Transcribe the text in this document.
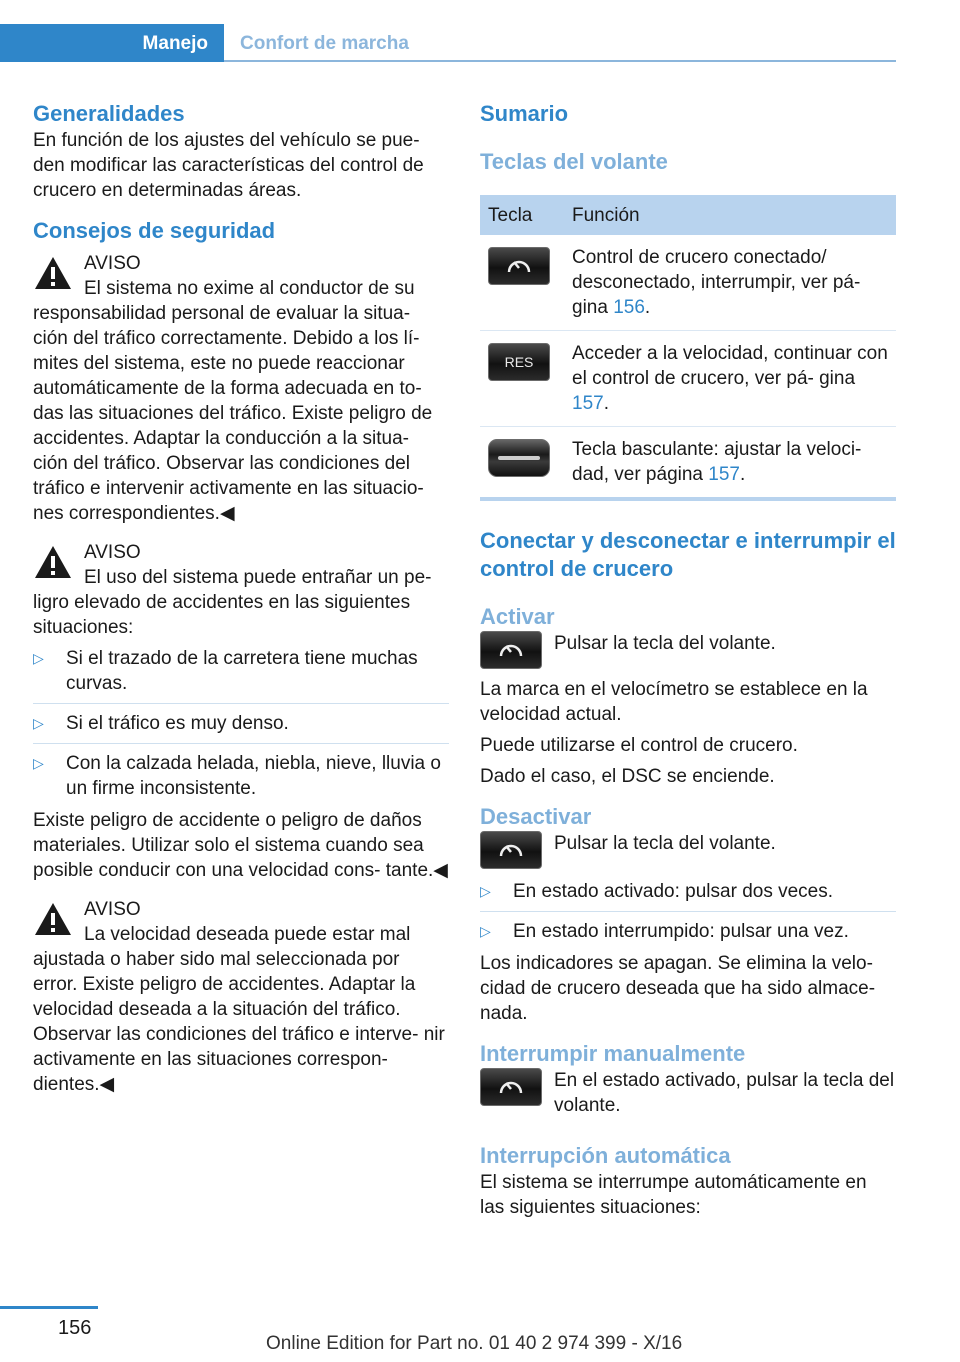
Manejo	Confort de marcha
Generalidades

En función de los ajustes del vehículo se pue- den modificar las características del control de crucero en determinadas áreas.

Consejos de seguridad

AVISO

El sistema no exime al conductor de su responsabilidad personal de evaluar la situa- ción del tráfico correctamente. Debido a los lí- mites del sistema, este no puede reaccionar automáticamente de la forma adecuada en to- das las situaciones del tráfico. Existe peligro de accidentes. Adaptar la conducción a la situa- ción del tráfico. Observar las condiciones del tráfico e intervenir activamente en las situacio- nes correspondientes.◀

AVISO

El uso del sistema puede entrañar un pe- ligro elevado de accidentes en las siguientes situaciones:

▷ Si el trazado de la carretera tiene muchas curvas.
▷ Si el tráfico es muy denso.
▷ Con la calzada helada, niebla, nieve, lluvia o un firme inconsistente.

Existe peligro de accidente o peligro de daños materiales. Utilizar solo el sistema cuando sea posible conducir con una velocidad cons- tante.◀

AVISO

La velocidad deseada puede estar mal ajustada o haber sido mal seleccionada por error. Existe peligro de accidentes. Adaptar la velocidad deseada a la situación del tráfico. Observar las condiciones del tráfico e interve- nir activamente en las situaciones correspon- dientes.◀

Sumario
Teclas del volante
Tecla	Función

	Control de crucero conectado/ desconectado, interrumpir, ver pá- gina 156.

RES	Acceder a la velocidad, continuar con el control de crucero, ver pá- gina 157.

	Tecla basculante: ajustar la veloci- dad, ver página 157.
Conectar y desconectar e interrumpir el control de crucero
Activar
Pulsar la tecla del volante.

La marca en el velocímetro se establece en la velocidad actual.

Puede utilizarse el control de crucero.

Dado el caso, el DSC se enciende.

Desactivar
Pulsar la tecla del volante.
▷ En estado activado: pulsar dos veces.
▷ En estado interrumpido: pulsar una vez.

Los indicadores se apagan. Se elimina la velo- cidad de crucero deseada que ha sido almace- nada.

Interrumpir manualmente
En el estado activado, pulsar la tecla del volante.
Interrupción automática

El sistema se interrumpe automáticamente en las siguientes situaciones:

156
Online Edition for Part no. 01 40 2 974 399 - X/16
